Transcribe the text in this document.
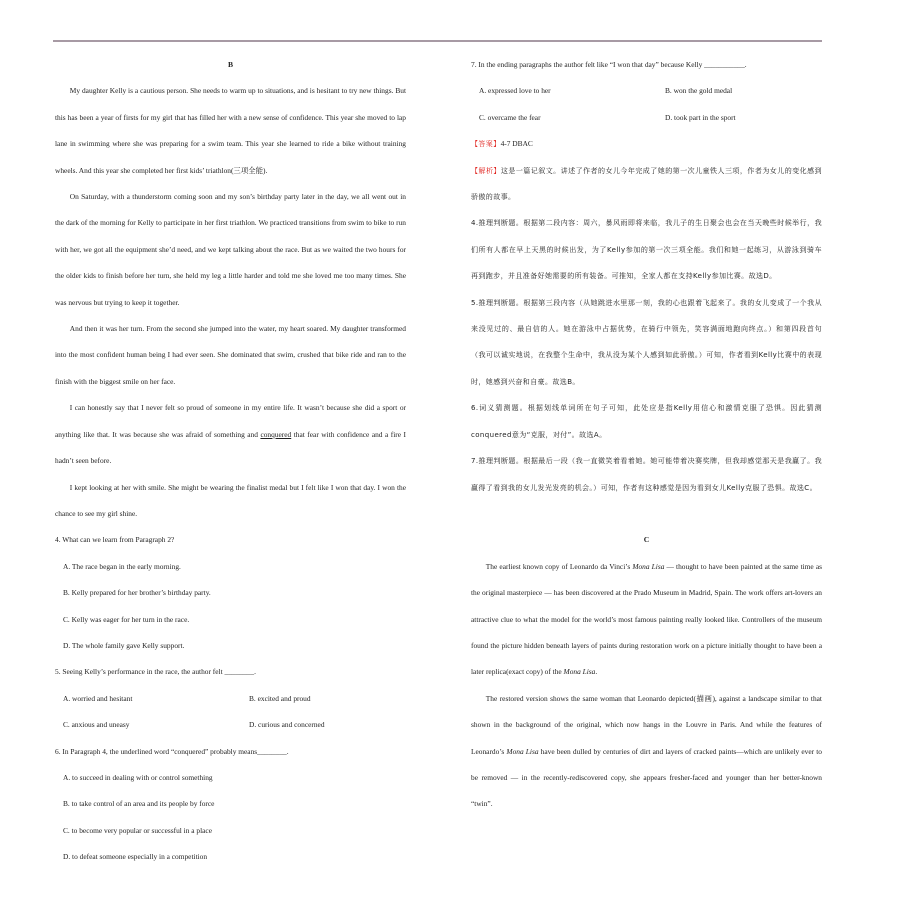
B

My daughter Kelly is a cautious person. She needs to warm up to situations, and is hesitant to try new things. But this has been a year of firsts for my girl that has filled her with a new sense of confidence. This year she moved to lap lane in swimming where she was preparing for a swim team. This year she learned to ride a bike without training wheels. And this year she completed her first kids’ triathlon(三项全能).

On Saturday, with a thunderstorm coming soon and my son’s birthday party later in the day, we all went out in the dark of the morning for Kelly to participate in her first triathlon. We practiced transitions from swim to bike to run with her, we got all the equipment she’d need, and we kept talking about the race. But as we waited the two hours for the older kids to finish before her turn, she held my leg a little harder and told me she loved me too many times. She was nervous but trying to keep it together.

And then it was her turn. From the second she jumped into the water, my heart soared. My daughter transformed into the most confident human being I had ever seen. She dominated that swim, crushed that bike ride and ran to the finish with the biggest smile on her face.

I can honestly say that I never felt so proud of someone in my entire life. It wasn’t because she did a sport or anything like that. It was because she was afraid of something and conquered that fear with confidence and a fire I hadn’t seen before.

I kept looking at her with smile. She might be wearing the finalist medal but I felt like I won that day. I won the chance to see my girl shine.

4. What can we learn from Paragraph 2?

A. The race began in the early morning.

B. Kelly prepared for her brother’s birthday party.

C. Kelly was eager for her turn in the race.

D. The whole family gave Kelly support.

5. Seeing Kelly’s performance in the race, the author felt ________.

A. worried and hesitant	B. excited and proud
C. anxious and uneasy	D. curious and concerned

6. In Paragraph 4, the underlined word “conquered” probably means________.

A. to succeed in dealing with or control something

B. to take control of an area and its people by force

C. to become very popular or successful in a place

D. to defeat someone especially in a competition

7. In the ending paragraphs the author felt like “I won that day” because Kelly ___________.

A. expressed love to her	B. won the gold medal
C. overcame the fear	D. took part in the sport

【答案】4-7 DBAC

【解析】这是一篇记叙文。讲述了作者的女儿今年完成了她的第一次儿童铁人三项，作者为女儿的变化感到骄傲的故事。

4.推理判断题。根据第二段内容：周六，暴风雨即将来临，我儿子的生日聚会也会在当天晚些时候举行，我们所有人都在早上天黑的时候出发，为了Kelly参加的第一次三项全能。我们和她一起练习，从游泳到骑车再到跑步，并且准备好她需要的所有装备。可推知，全家人都在支持Kelly参加比赛。故选D。

5.推理判断题。根据第三段内容（从她跳进水里那一刻，我的心也跟着飞起来了。我的女儿变成了一个我从来没见过的、最自信的人。她在游泳中占据优势，在骑行中领先，笑容满面地跑向终点。）和第四段首句（我可以诚实地说，在我整个生命中，我从没为某个人感到如此骄傲。）可知，作者看到Kelly比赛中的表现时，她感到兴奋和自豪。故选B。

6.词义猜测题。根据划线单词所在句子可知，此处应是指Kelly用信心和激情克服了恐惧。因此猜测conquered意为“克服，对付”。故选A。

7.推理判断题。根据最后一段（我一直微笑着看着她。她可能带着决赛奖牌，但我却感觉那天是我赢了。我赢得了看到我的女儿发光发亮的机会。）可知，作者有这种感觉是因为看到女儿Kelly克服了恐惧。故选C。

C

The earliest known copy of Leonardo da Vinci’s Mona Lisa — thought to have been painted at the same time as the original masterpiece — has been discovered at the Prado Museum in Madrid, Spain. The work offers art-lovers an attractive clue to what the model for the world’s most famous painting really looked like. Controllers of the museum found the picture hidden beneath layers of paints during restoration work on a picture initially thought to have been a later replica(exact copy) of the Mona Lisa.

The restored version shows the same woman that Leonardo depicted(描画), against a landscape similar to that shown in the background of the original, which now hangs in the Louvre in Paris. And while the features of Leonardo’s Mona Lisa have been dulled by centuries of dirt and layers of cracked paints—which are unlikely ever to be removed — in the recently-rediscovered copy, she appears fresher-faced and younger than her better-known “twin”.
